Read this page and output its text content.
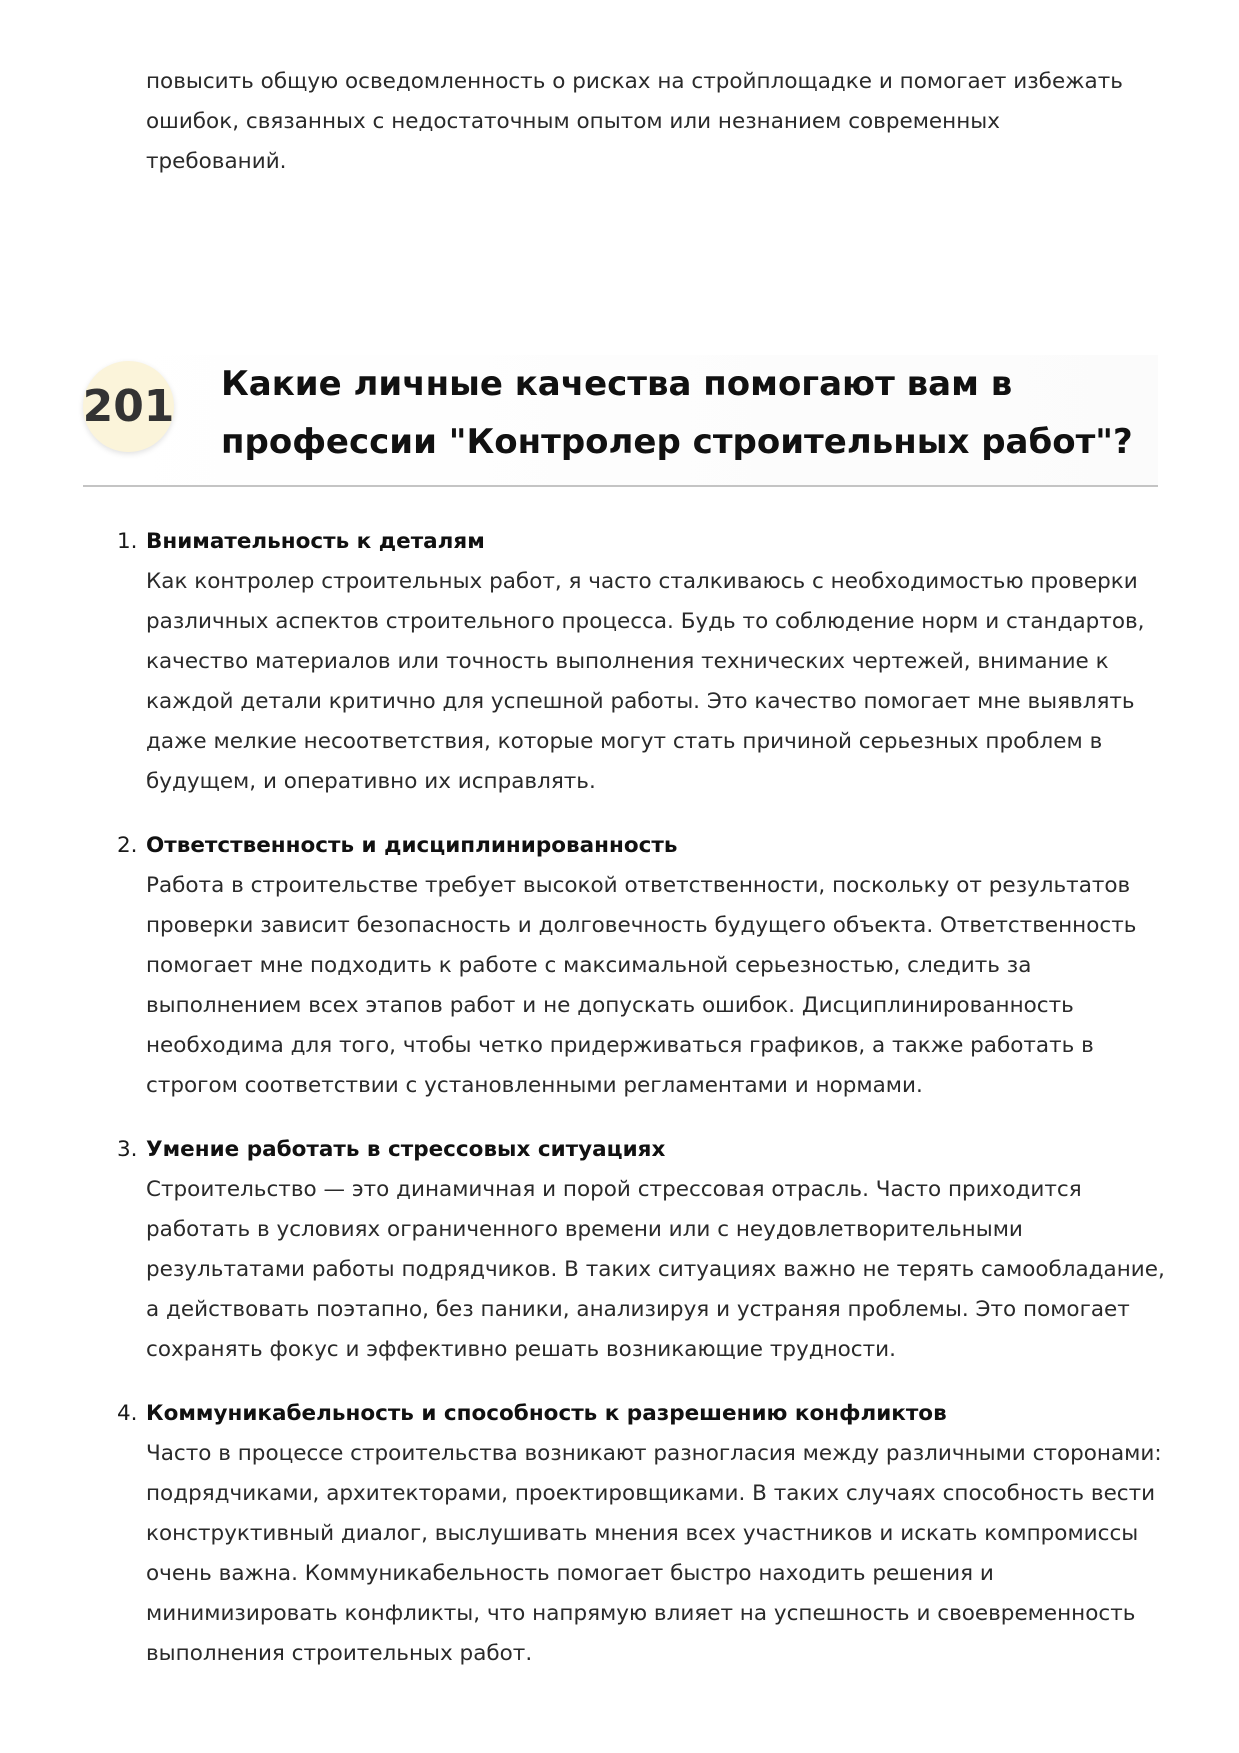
повысить общую осведомленность о рисках на стройплощадке и помогает избежать ошибок, связанных с недостаточным опытом или незнанием современных требований.

201 Какие личные качества помогают вам в профессии "Контролер строительных работ"?
1. Внимательность к деталям
Как контролер строительных работ, я часто сталкиваюсь с необходимостью проверки различных аспектов строительного процесса. Будь то соблюдение норм и стандартов, качество материалов или точность выполнения технических чертежей, внимание к каждой детали критично для успешной работы. Это качество помогает мне выявлять даже мелкие несоответствия, которые могут стать причиной серьезных проблем в будущем, и оперативно их исправлять.
2. Ответственность и дисциплинированность
Работа в строительстве требует высокой ответственности, поскольку от результатов проверки зависит безопасность и долговечность будущего объекта. Ответственность помогает мне подходить к работе с максимальной серьезностью, следить за выполнением всех этапов работ и не допускать ошибок. Дисциплинированность необходима для того, чтобы четко придерживаться графиков, а также работать в строгом соответствии с установленными регламентами и нормами.
3. Умение работать в стрессовых ситуациях
Строительство — это динамичная и порой стрессовая отрасль. Часто приходится работать в условиях ограниченного времени или с неудовлетворительными результатами работы подрядчиков. В таких ситуациях важно не терять самообладание, а действовать поэтапно, без паники, анализируя и устраняя проблемы. Это помогает сохранять фокус и эффективно решать возникающие трудности.
4. Коммуникабельность и способность к разрешению конфликтов
Часто в процессе строительства возникают разногласия между различными сторонами: подрядчиками, архитекторами, проектировщиками. В таких случаях способность вести конструктивный диалог, выслушивать мнения всех участников и искать компромиссы очень важна. Коммуникабельность помогает быстро находить решения и минимизировать конфликты, что напрямую влияет на успешность и своевременность выполнения строительных работ.
